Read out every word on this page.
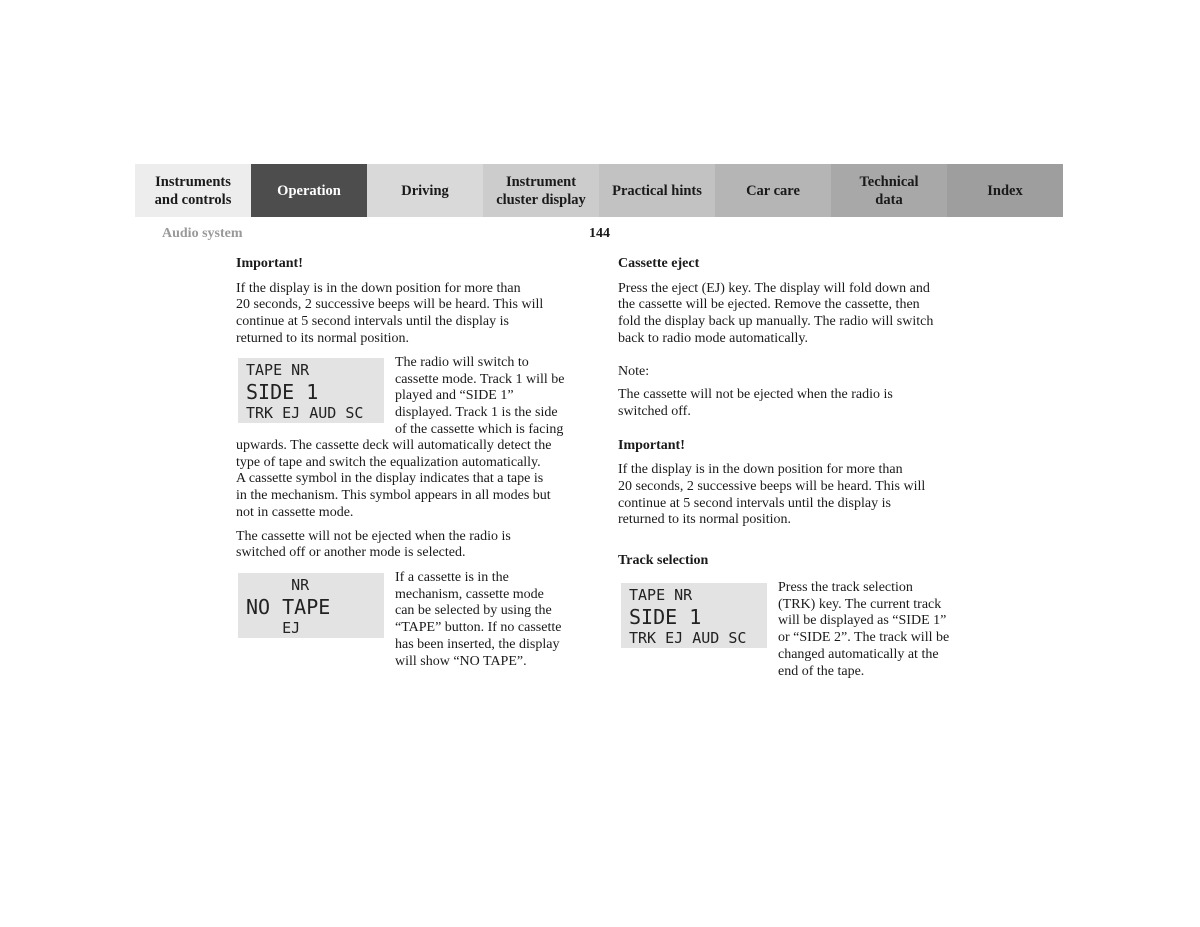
Instruments
and controls
Operation	Driving
Instrument
cluster display
Practical hints	Car care
Technical
data
Index
Audio system	144

Important!

If the display is in the down position for more than

20 seconds, 2 successive beeps will be heard. This will

continue at 5 second intervals until the display is

returned to its normal position.

TAPE NR
SIDE 1
TRK EJ AUD SC

The radio will switch to

cassette mode. Track 1 will be

played and “SIDE 1”

displayed. Track 1 is the side

of the cassette which is facing

upwards. The cassette deck will automatically detect the

type of tape and switch the equalization automatically.

A cassette symbol in the display indicates that a tape is

in the mechanism. This symbol appears in all modes but

not in cassette mode.

The cassette will not be ejected when the radio is

switched off or another mode is selected.

NR
NO TAPE
EJ

If a cassette is in the

mechanism, cassette mode

can be selected by using the

“TAPE” button. If no cassette

has been inserted, the display

will show “NO TAPE”.

Cassette eject

Press the eject (EJ) key. The display will fold down and

the cassette will be ejected. Remove the cassette, then

fold the display back up manually. The radio will switch

back to radio mode automatically.

Note:

The cassette will not be ejected when the radio is

switched off.

Important!

If the display is in the down position for more than

20 seconds, 2 successive beeps will be heard. This will

continue at 5 second intervals until the display is

returned to its normal position.

Track selection

TAPE NR
SIDE 1
TRK EJ AUD SC

Press the track selection

(TRK) key. The current track

will be displayed as “SIDE 1”

or “SIDE 2”. The track will be

changed automatically at the

end of the tape.
